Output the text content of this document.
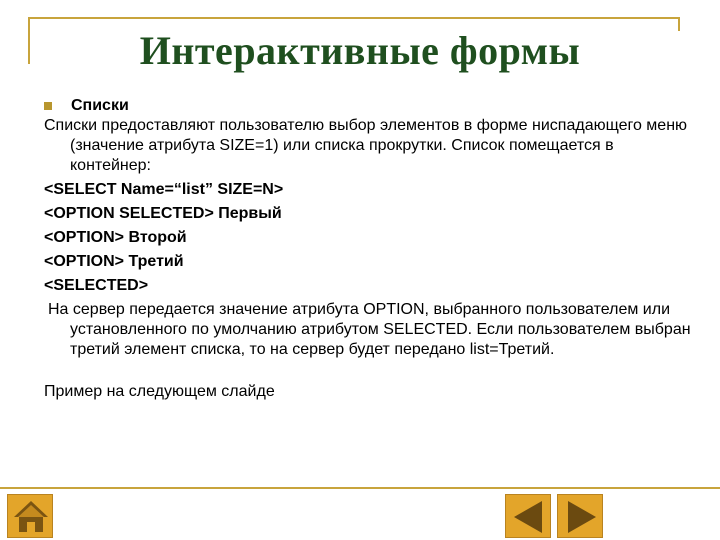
Интерактивные формы
Списки
Списки предоставляют пользователю выбор элементов в форме ниспадающего меню (значение атрибута SIZE=1) или списка прокрутки. Список помещается в контейнер:
<SELECT Name=“list” SIZE=N>
<OPTION SELECTED> Первый
<OPTION> Второй
<OPTION> Третий
<SELECTED>
На сервер передается значение атрибута OPTION, выбранного пользователем или установленного по умолчанию атрибутом SELECTED. Если пользователем выбран третий элемент списка, то на сервер будет передано list=Третий.
Пример на следующем слайде
